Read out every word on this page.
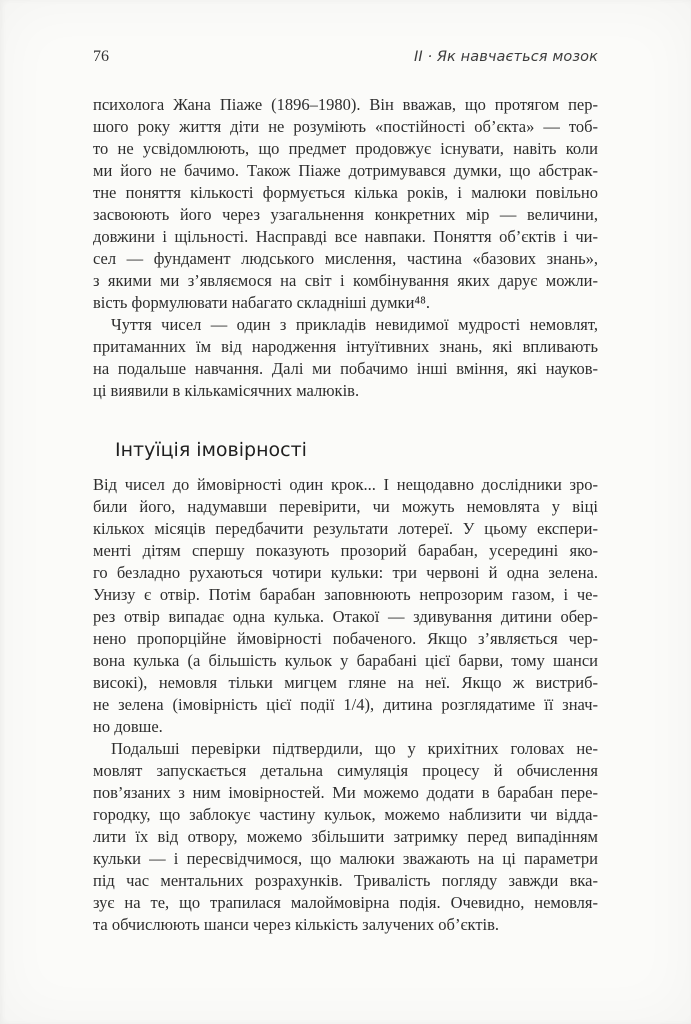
76	II · Як навчається мозок
психолога Жана Піаже (1896–1980). Він вважав, що протягом пер-
шого року життя діти не розуміють «постійності об’єкта» — тоб-
то не усвідомлюють, що предмет продовжує існувати, навіть коли
ми його не бачимо. Також Піаже дотримувався думки, що абстрак-
тне поняття кількості формується кілька років, і малюки повільно
засвоюють його через узагальнення конкретних мір — величини,
довжини і щільності. Насправді все навпаки. Поняття об’єктів і чи-
сел — фундамент людського мислення, частина «базових знань»,
з якими ми з’являємося на світ і комбінування яких дарує можли-
вість формулювати набагато складніші думки⁴⁸.
Чуття чисел — один з прикладів невидимої мудрості немовлят,
притаманних їм від народження інтуїтивних знань, які впливають
на подальше навчання. Далі ми побачимо інші вміння, які науков-
ці виявили в кількамісячних малюків.
Інтуїція імовірності
Від чисел до ймовірності один крок... І нещодавно дослідники зро-
били його, надумавши перевірити, чи можуть немовлята у віці
кількох місяців передбачити результати лотереї. У цьому експери-
менті дітям спершу показують прозорий барабан, усередині яко-
го безладно рухаються чотири кульки: три червоні й одна зелена.
Унизу є отвір. Потім барабан заповнюють непрозорим газом, і че-
рез отвір випадає одна кулька. Отакої — здивування дитини обер-
нено пропорційне ймовірності побаченого. Якщо з’являється чер-
вона кулька (а більшість кульок у барабані цієї барви, тому шанси
високі), немовля тільки мигцем гляне на неї. Якщо ж вистриб-
не зелена (імовірність цієї події 1/4), дитина розглядатиме її знач-
но довше.
Подальші перевірки підтвердили, що у крихітних головах не-
мовлят запускається детальна симуляція процесу й обчислення
пов’язаних з ним імовірностей. Ми можемо додати в барабан пере-
городку, що заблокує частину кульок, можемо наблизити чи відда-
лити їх від отвору, можемо збільшити затримку перед випадінням
кульки — і пересвідчимося, що малюки зважають на ці параметри
під час ментальних розрахунків. Тривалість погляду завжди вка-
зує на те, що трапилася малоймовірна подія. Очевидно, немовля-
та обчислюють шанси через кількість залучених об’єктів.
